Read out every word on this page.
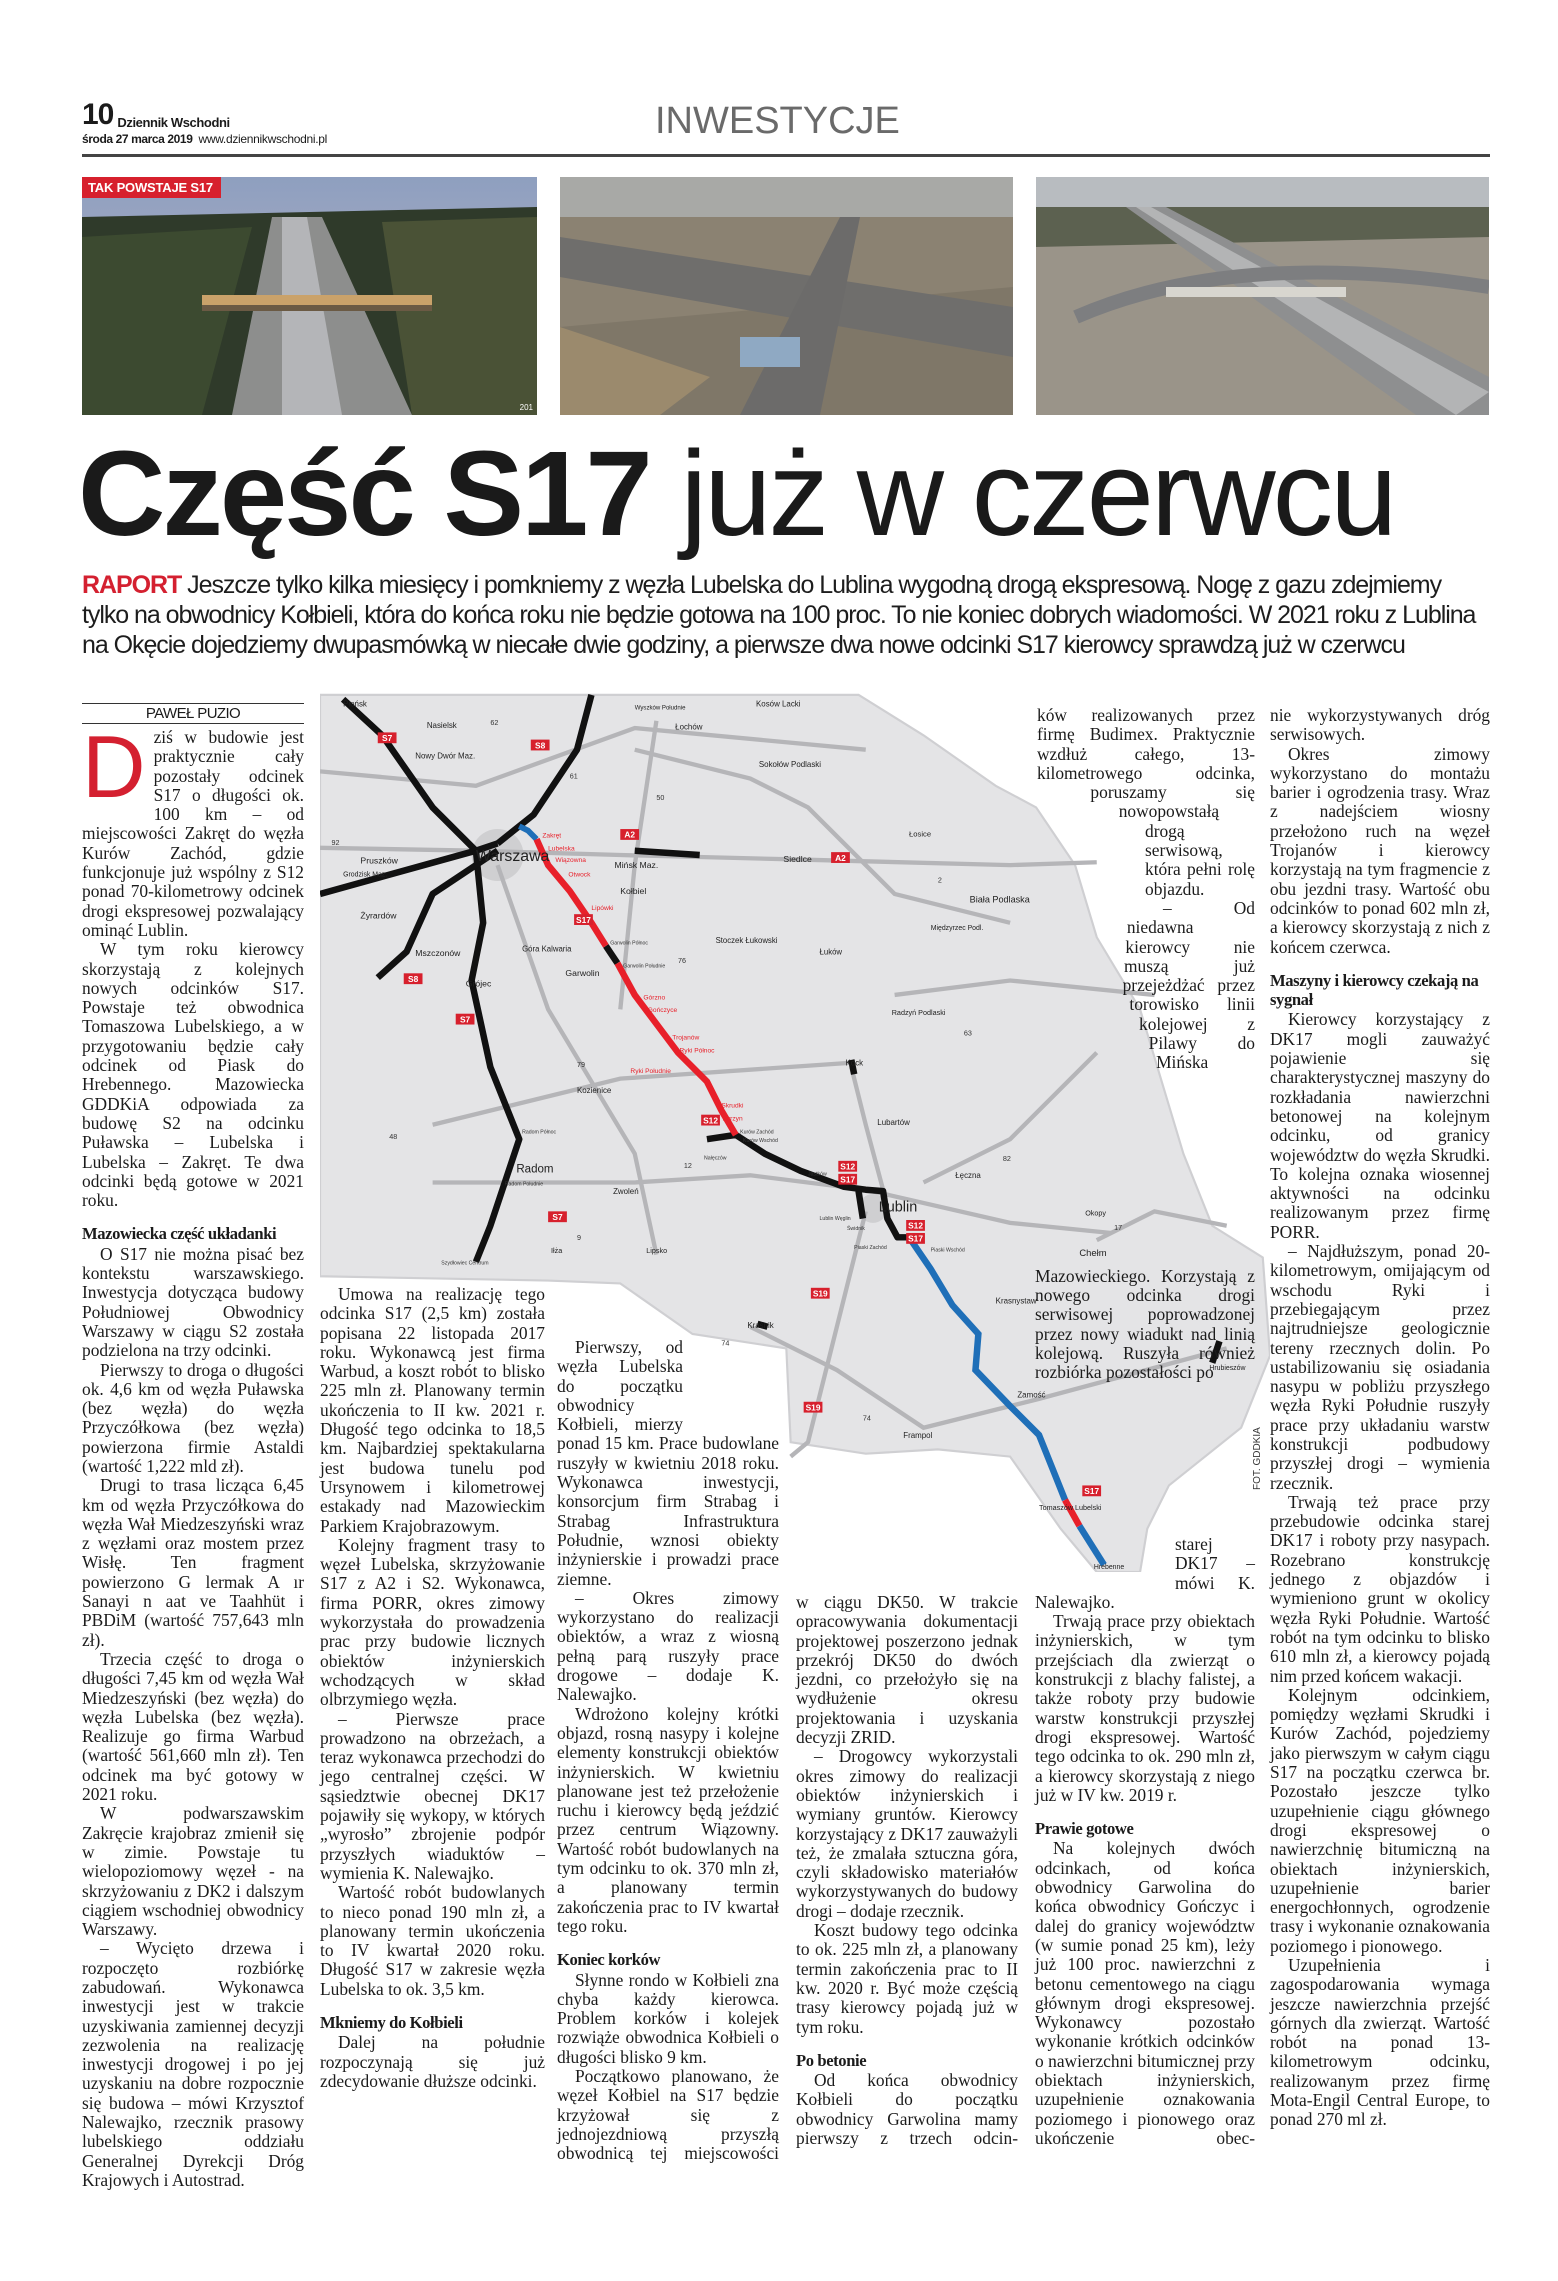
10 Dziennik Wschodni
środa 27 marca 2019 www.dziennikwschodni.pl	INWESTYCJE
TAK POWSTAJE S17
201
Część S17 już w czerwcu
RAPORT Jeszcze tylko kilka miesięcy i pomkniemy z węzła Lubelska do Lublina wygodną drogą ekspresową. Nogę z gazu zdejmiemy tylko na obwodnicy Kołbieli, która do końca roku nie będzie gotowa na 100 proc. To nie koniec dobrych wiadomości. W 2021 roku z Lublina na Okęcie dojedziemy dwupasmówką w niecałe dwie godziny, a pierwsze dwa nowe odcinki S17 kierowcy sprawdzą już w czerwcu
Płońsk
Nasielsk
Nowy Dwór Maz.
Wyszków Południe
Łochów
Kosów Lacki
Sokołów Podlaski
Warszawa
Pruszków
Grodzisk Maz.
Żyrardów
Mszczonów
Mińsk Maz.
Siedlce
Łosice
Biała Podlaska
Międzyrzec Podl.
Kołbiel
Stoczek Łukowski
Łuków
Góra Kalwaria
Garwolin
Radzyń Podlaski
Grójec
Kozienice
Kock
Lubartów
Łęczna
Radom
Zwoleń
Lublin	Okopy
Chełm
Iłża	Lipsko
Kraśnik
Krasnystaw
Hrubieszów
Zamość
Frampol
Tomaszów Lubelski
Hrebenne
Zakręt
Lubelska
Wiązowna
Otwock
Lipówki
Górzno
Gończyce
Trojanów
Ryki Północ
Ryki Południe
Skrudki
Żyrzyn
Kurów Zachód
Kurów Wschód
Nałęczów
Jastków
Lublin Węglin
Piaski Zachód	Piaski Wschód
Świdnik
Radom Północ
Radom Południe
Szydłowiec Centrum
Garwolin Północ
Garwolin Południe
S7
S8
S17
A2
A2
S8
S7
S7
S12
S12
S17
S19
S19
S17
S12
S17
62
61
50
92
76
79
48
12
9
74
74
63
82
2
17
FOT. GDDKIA
PAWEŁ PUZIO

Dziś w budowie jest praktycznie cały pozostały odcinek S17 o długości ok. 100 km – od miejscowości Zakręt do węzła Kurów Zachód, gdzie funkcjonuje już wspólny z S12 ponad 70-kilometrowy odcinek drogi ekspresowej pozwalający ominąć Lublin.

W tym roku kierowcy skorzystają z kolejnych nowych odcinków S17. Powstaje też obwodnica Tomaszowa Lubelskiego, a w przygotowaniu będzie cały odcinek od Piask do Hrebennego. Mazowiecka GDDKiA odpowiada za budowę S2 na odcinku Puławska – Lubelska i Lubelska – Zakręt. Te dwa odcinki będą gotowe w 2021 roku.

Mazowiecka część układanki

O S17 nie można pisać bez kontekstu warszawskiego. Inwestycja dotycząca budowy Południowej Obwodnicy Warszawy w ciągu S2 została podzielona na trzy odcinki.

Pierwszy to droga o długości ok. 4,6 km od węzła Puławska (bez węzła) do węzła Przyczółkowa (bez węzła) powierzona firmie Astaldi (wartość 1,222 mld zł).

Drugi to trasa licząca 6,45 km od węzła Przyczółkowa do węzła Wał Miedzeszyński wraz z węzłami oraz mostem przez Wisłę. Ten fragment powierzono G lermak A ır Sanayi n aat ve Taahhüt i PBDiM (wartość 757,643 mln zł).

Trzecia część to droga o długości 7,45 km od węzła Wał Miedzeszyński (bez węzła) do węzła Lubelska (bez węzła). Realizuje go firma Warbud (wartość 561,660 mln zł). Ten odcinek ma być gotowy w 2021 roku.

W podwarszawskim Zakręcie krajobraz zmienił się w zimie. Powstaje tu wielopoziomowy węzeł - na skrzyżowaniu z DK2 i dalszym ciągiem wschodniej obwodnicy Warszawy.

– Wycięto drzewa i rozpoczęto rozbiórkę zabudowań. Wykonawca inwestycji jest w trakcie uzyskiwania zamiennej decyzji zezwolenia na realizację inwestycji drogowej i po jej uzyskaniu na dobre rozpocznie się budowa – mówi Krzysztof Nalewajko, rzecznik prasowy lubelskiego oddziału Generalnej Dyrekcji Dróg Krajowych i Autostrad.

Umowa na realizację tego odcinka S17 (2,5 km) została popisana 22 listopada 2017 roku. Wykonawcą jest firma Warbud, a koszt robót to blisko 225 mln zł. Planowany termin ukończenia to II kw. 2021 r. Długość tego odcinka to 18,5 km. Najbardziej spektakularna jest budowa tunelu pod Ursynowem i kilometrowej estakady nad Mazowieckim Parkiem Krajobrazowym.

Kolejny fragment trasy to węzeł Lubelska, skrzyżowanie S17 z A2 i S2. Wykonawca, firma PORR, okres zimowy wykorzystała do prowadzenia prac przy budowie licznych obiektów inżynierskich wchodzących w skład olbrzymiego węzła.

– Pierwsze prace prowadzono na obrzeżach, a teraz wykonawca przechodzi do jego centralnej części. W sąsiedztwie obecnej DK17 pojawiły się wykopy, w których „wyrosło” zbrojenie podpór przyszłych wiaduktów – wymienia K. Nalewajko.

Wartość robót budowlanych to nieco ponad 190 mln zł, a planowany termin ukończenia to IV kwartał 2020 roku. Długość S17 w zakresie węzła Lubelska to ok. 3,5 km.

Mkniemy do Kołbieli

Dalej na południe rozpoczynają się już zdecydowanie dłuższe odcinki.

Pierwszy, od węzła Lubelska do początku obwodnicy Kołbieli, mierzy ponad 15 km. Prace budowlane ruszyły w kwietniu 2018 roku. Wykonawca inwestycji, konsorcjum firm Strabag i Strabag Infrastruktura Południe, wznosi obiekty inżynierskie i prowadzi prace ziemne.

– Okres zimowy wykorzystano do realizacji obiektów, a wraz z wiosną pełną parą ruszyły prace drogowe – dodaje K. Nalewajko.

Wdrożono kolejny krótki objazd, rosną nasypy i kolejne elementy konstrukcji obiektów inżynierskich. W kwietniu planowane jest też przełożenie ruchu i kierowcy będą jeździć przez centrum Wiązowny. Wartość robót budowlanych na tym odcinku to ok. 370 mln zł, a planowany termin zakończenia prac to IV kwartał tego roku.

Koniec korków

Słynne rondo w Kołbieli zna chyba każdy kierowca. Problem korków i kolejek rozwiąże obwodnica Kołbieli o długości blisko 9 km.

Początkowo planowano, że węzeł Kołbiel na S17 będzie krzyżował się z jednojezdniową przyszłą obwodnicą tej miejscowości

w ciągu DK50. W trakcie opracowywania dokumentacji projektowej poszerzono jednak przekrój DK50 do dwóch jezdni, co przełożyło się na wydłużenie okresu projektowania i uzyskania decyzji ZRID.

– Drogowcy wykorzystali okres zimowy do realizacji obiektów inżynierskich i wymiany gruntów. Kierowcy korzystający z DK17 zauważyli też, że zmalała sztuczna góra, czyli składowisko materiałów wykorzystywanych do budowy drogi – dodaje rzecznik.

Koszt budowy tego odcinka to ok. 225 mln zł, a planowany termin zakończenia prac to II kw. 2020 r. Być może częścią trasy kierowcy pojadą już w tym roku.

Po betonie

Od końca obwodnicy Kołbieli do początku obwodnicy Garwolina mamy pierwszy z trzech odcin-

ków realizowanych przez firmę Budimex. Praktycznie wzdłuż całego, 13-kilometrowego odcinka, poruszamy się nowopowstałą drogą serwisową, która pełni rolę objazdu.

– Od niedawna kierowcy nie muszą już przejeżdżać przez torowisko linii kolejowej z Pilawy do Mińska Mazowieckiego. Korzystają z nowego odcinka drogi serwisowej poprowadzonej przez nowy wiadukt nad linią kolejową. Ruszyła również rozbiórka pozostałości po

starej DK17 – mówi K. Nalewajko.

Trwają prace przy obiektach inżynierskich, w tym przejściach dla zwierząt o konstrukcji z blachy falistej, a także roboty przy budowie warstw konstrukcji przyszłej drogi ekspresowej. Wartość tego odcinka to ok. 290 mln zł, a kierowcy skorzystają z niego już w IV kw. 2019 r.

Prawie gotowe

Na kolejnych dwóch odcinkach, od końca obwodnicy Garwolina do końca obwodnicy Gończyc i dalej do granicy województw (w sumie ponad 25 km), leży już 100 proc. nawierzchni z betonu cementowego na ciągu głównym drogi ekspresowej. Wykonawcy pozostało wykonanie krótkich odcinków o nawierzchni bitumicznej przy obiektach inżynierskich, uzupełnienie oznakowania poziomego i pionowego oraz ukończenie obec-

nie wykorzystywanych dróg serwisowych.

Okres zimowy wykorzystano do montażu barier i ogrodzenia trasy. Wraz z nadejściem wiosny przełożono ruch na węzeł Trojanów i kierowcy korzystają na tym fragmencie z obu jezdni trasy. Wartość obu odcinków to ponad 602 mln zł, a kierowcy skorzystają z nich z końcem czerwca.

Maszyny i kierowcy czekają na sygnał

Kierowcy korzystający z DK17 mogli zauważyć pojawienie się charakterystycznej maszyny do rozkładania nawierzchni betonowej na kolejnym odcinku, od granicy województw do węzła Skrudki. To kolejna oznaka wiosennej aktywności na odcinku realizowanym przez firmę PORR.

– Najdłuższym, ponad 20-kilometrowym, omijającym od wschodu Ryki i przebiegającym przez najtrudniejsze geologicznie tereny rzecznych dolin. Po ustabilizowaniu się osiadania nasypu w pobliżu przyszłego węzła Ryki Południe ruszyły prace przy układaniu warstw konstrukcji podbudowy przyszłej drogi – wymienia rzecznik.

Trwają też prace przy przebudowie odcinka starej DK17 i roboty przy nasypach. Rozebrano konstrukcję jednego z objazdów i wymieniono grunt w okolicy węzła Ryki Południe. Wartość robót na tym odcinku to blisko 610 mln zł, a kierowcy pojadą nim przed końcem wakacji.

Kolejnym odcinkiem, pomiędzy węzłami Skrudki i Kurów Zachód, pojedziemy jako pierwszym w całym ciągu S17 na początku czerwca br. Pozostało jeszcze tylko uzupełnienie ciągu głównego drogi ekspresowej o nawierzchnię bitumiczną na obiektach inżynierskich, uzupełnienie barier energochłonnych, ogrodzenie trasy i wykonanie oznakowania poziomego i pionowego.

Uzupełnienia i zagospodarowania wymaga jeszcze nawierzchnia przejść górnych dla zwierząt. Wartość robót na ponad 13-kilometrowym odcinku, realizowanym przez firmę Mota-Engil Central Europe, to ponad 270 ml zł.
